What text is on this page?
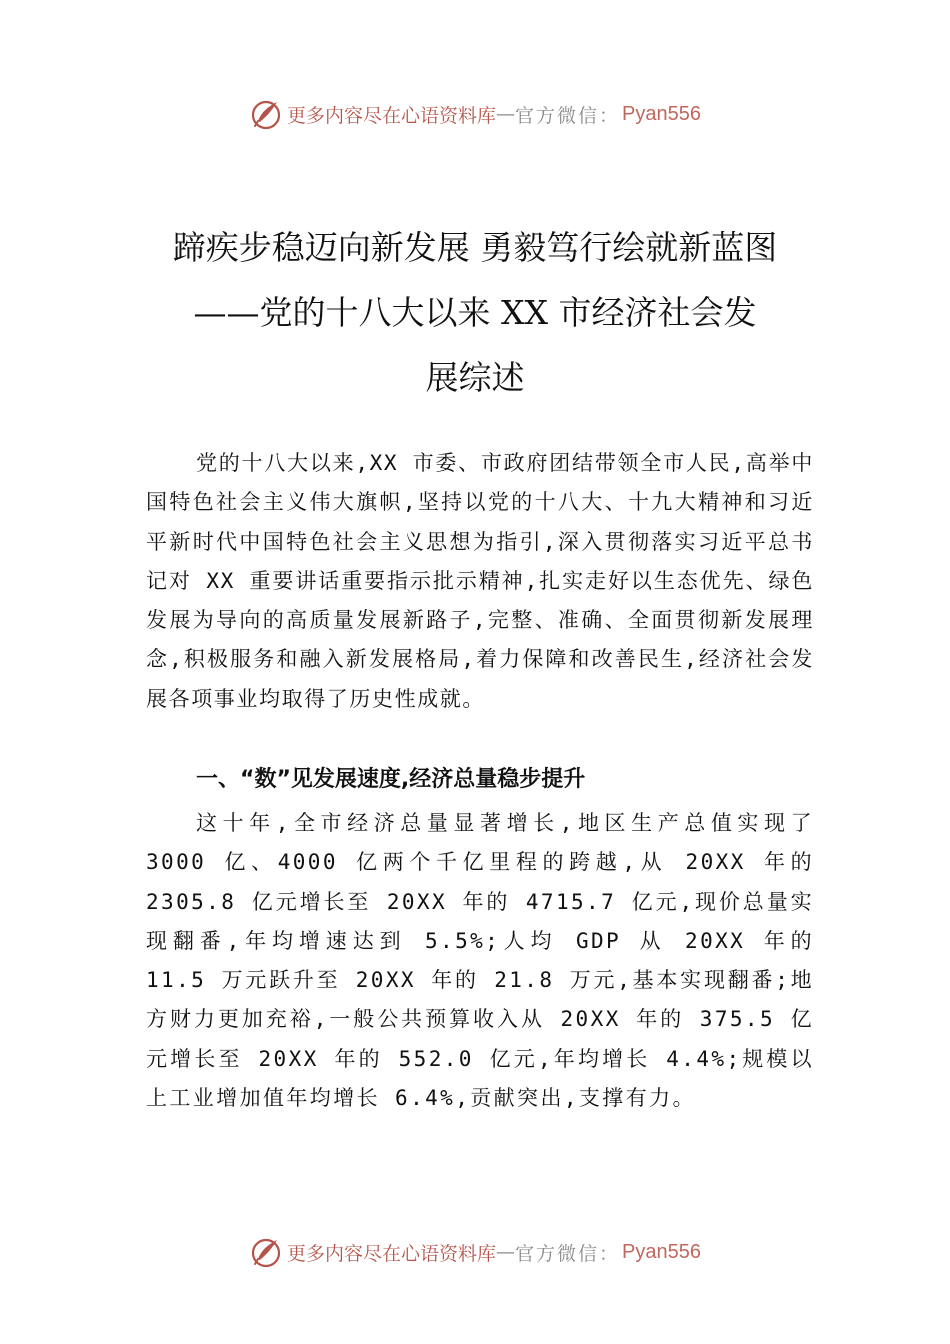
更多内容尽在心语资料库 — 官方微信 ： Pyan556
蹄疾步稳迈向新发展 勇毅笃行绘就新蓝图
——党的十八大以来 XX 市经济社会发
展综述

党的十八大以来,XX 市委、市政府团结带领全市人民,高举中国特色社会主义伟大旗帜,坚持以党的十八大、十九大精神和习近平新时代中国特色社会主义思想为指引,深入贯彻落实习近平总书记对 XX 重要讲话重要指示批示精神,扎实走好以生态优先、绿色发展为导向的高质量发展新路子,完整、准确、全面贯彻新发展理念,积极服务和融入新发展格局,着力保障和改善民生,经济社会发展各项事业均取得了历史性成就。

一、“数”见发展速度,经济总量稳步提升

这十年,全市经济总量显著增长,地区生产总值实现了 3000 亿、4000 亿两个千亿里程的跨越,从 20XX 年的 2305.8 亿元增长至 20XX 年的 4715.7 亿元,现价总量实现翻番,年均增速达到 5.5%;人均 GDP 从 20XX 年的 11.5 万元跃升至 20XX 年的 21.8 万元,基本实现翻番;地方财力更加充裕,一般公共预算收入从 20XX 年的 375.5 亿元增长至 20XX 年的 552.0 亿元,年均增长 4.4%;规模以上工业增加值年均增长 6.4%,贡献突出,支撑有力。

更多内容尽在心语资料库 — 官方微信 ： Pyan556
